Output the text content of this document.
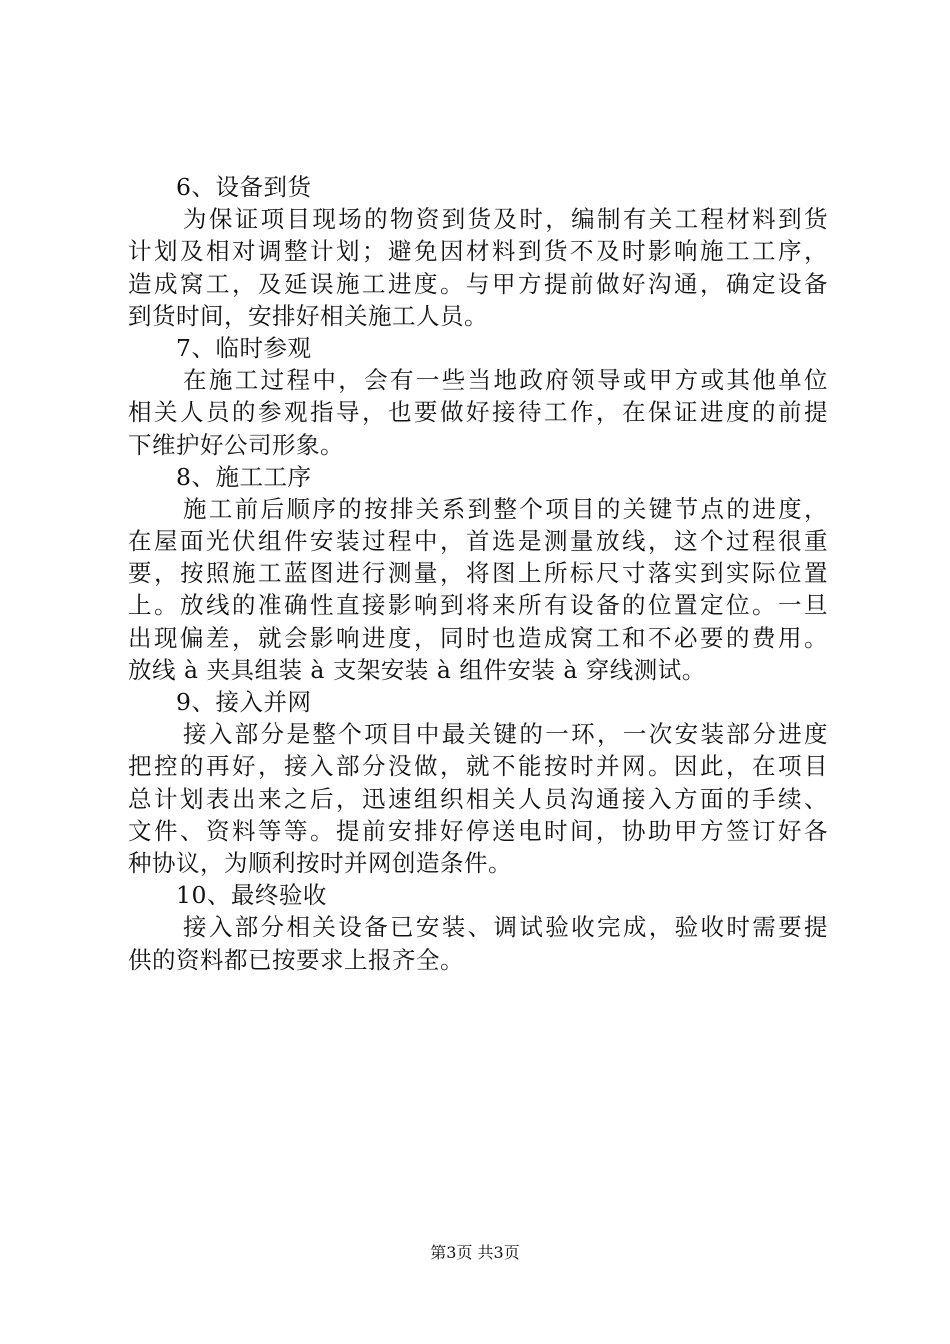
6、设备到货
为保证项目现场的物资到货及时，编制有关工程材料到货
计划及相对调整计划；避免因材料到货不及时影响施工工序，
造成窝工，及延误施工进度。与甲方提前做好沟通，确定设备
到货时间，安排好相关施工人员。
7、临时参观
在施工过程中，会有一些当地政府领导或甲方或其他单位
相关人员的参观指导，也要做好接待工作，在保证进度的前提
下维护好公司形象。
8、施工工序
施工前后顺序的按排关系到整个项目的关键节点的进度，
在屋面光伏组件安装过程中，首选是测量放线，这个过程很重
要，按照施工蓝图进行测量，将图上所标尺寸落实到实际位置
上。放线的准确性直接影响到将来所有设备的位置定位。一旦
出现偏差，就会影响进度，同时也造成窝工和不必要的费用。
放线 à 夹具组装 à 支架安装 à 组件安装 à 穿线测试。
9、接入并网
接入部分是整个项目中最关键的一环，一次安装部分进度
把控的再好，接入部分没做，就不能按时并网。因此，在项目
总计划表出来之后，迅速组织相关人员沟通接入方面的手续、
文件、资料等等。提前安排好停送电时间，协助甲方签订好各
种协议，为顺利按时并网创造条件。
10、最终验收
接入部分相关设备已安装、调试验收完成，验收时需要提
供的资料都已按要求上报齐全。
第3页 共3页
